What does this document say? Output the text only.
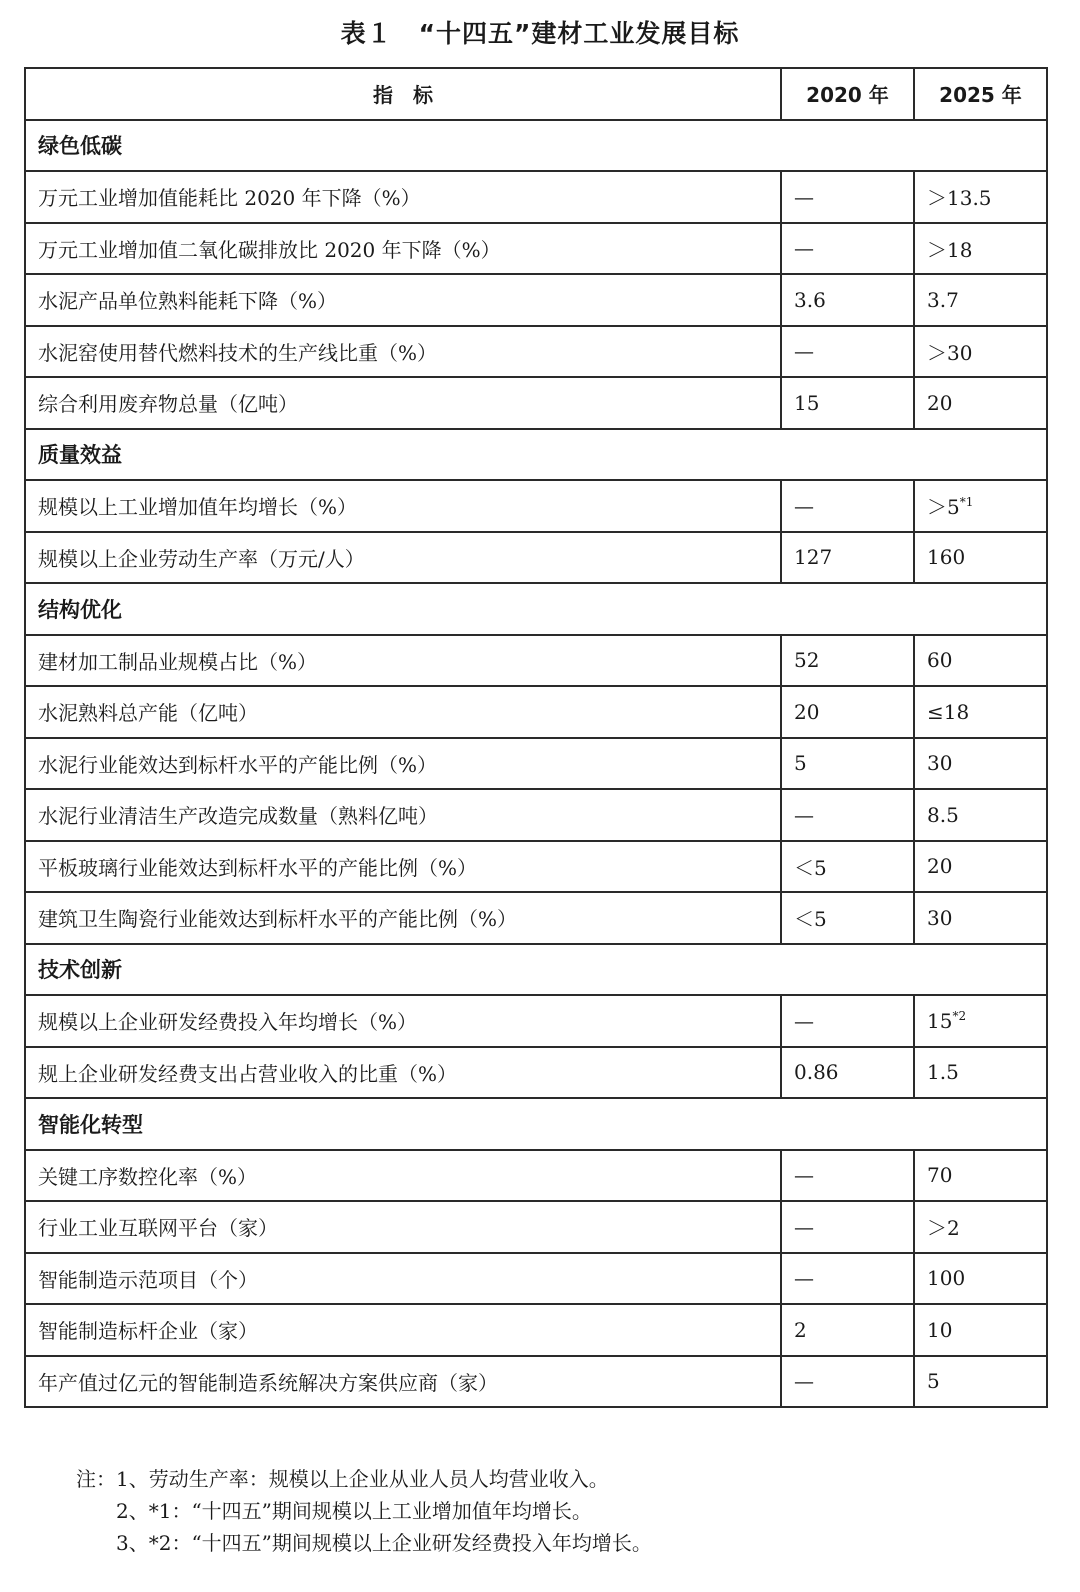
表１　“十四五”建材工业发展目标
指　标	2020 年	2025 年
绿色低碳		
万元工业增加值能耗比 2020 年下降（%）	—	＞13.5
万元工业增加值二氧化碳排放比 2020 年下降（%）	—	＞18
水泥产品单位熟料能耗下降（%）	3.6	3.7
水泥窑使用替代燃料技术的生产线比重（%）	—	＞30
综合利用废弃物总量（亿吨）	15	20
质量效益		
规模以上工业增加值年均增长（%）	—	$>5^{*1}$
规模以上企业劳动生产率（万元/人）	127	160
结构优化		
建材加工制品业规模占比（%）	52	60
水泥熟料总产能（亿吨）	20	≤18
水泥行业能效达到标杆水平的产能比例（%）	5	30
水泥行业清洁生产改造完成数量（熟料亿吨）	—	8.5
平板玻璃行业能效达到标杆水平的产能比例（%）	＜5	20
建筑卫生陶瓷行业能效达到标杆水平的产能比例（%）	＜5	30
技术创新		
规模以上企业研发经费投入年均增长（%）	—	15$^{*2}$
规上企业研发经费支出占营业收入的比重（%）	0.86	1.5
智能化转型		
关键工序数控化率（%）	—	70
行业工业互联网平台（家）	—	＞2
智能制造示范项目（个）	—	100
智能制造标杆企业（家）	2	10
年产值过亿元的智能制造系统解决方案供应商（家）	—	5
注：1、劳动生产率：规模以上企业从业人员人均营业收入。
2、*1：“十四五”期间规模以上工业增加值年均增长。
3、*2：“十四五”期间规模以上企业研发经费投入年均增长。
